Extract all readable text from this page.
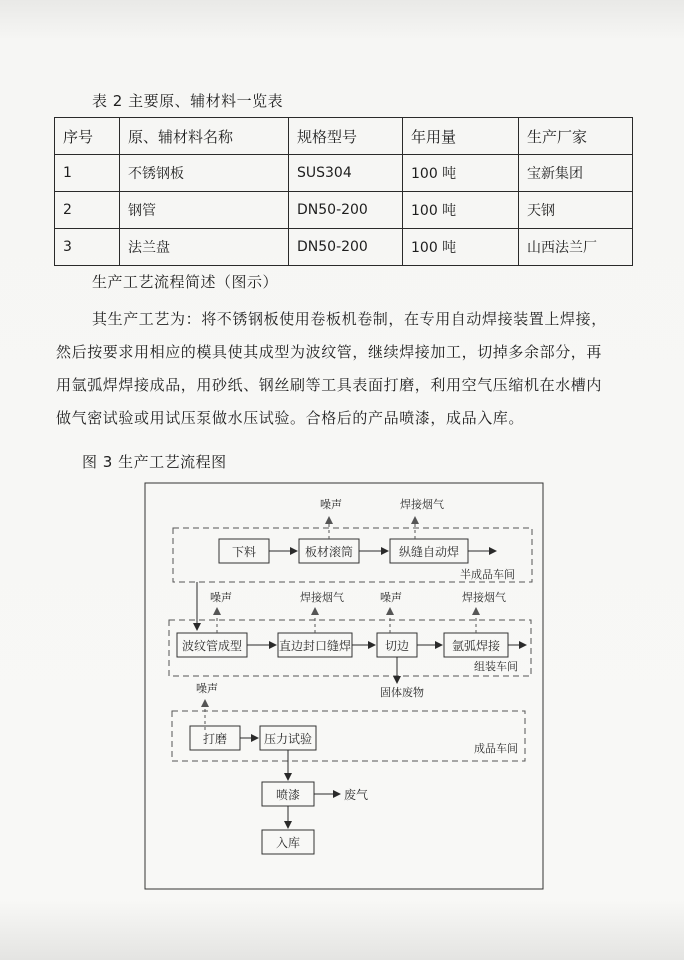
表 2 主要原、辅材料一览表
序号	原、辅材料名称	规格型号	年用量	生产厂家
1	不锈钢板	SUS304	100 吨	宝新集团
2	钢管	DN50-200	100 吨	天钢
3	法兰盘	DN50-200	100 吨	山西法兰厂
生产工艺流程简述（图示）
其生产工艺为：将不锈钢板使用卷板机卷制，在专用自动焊接装置上焊接，
然后按要求用相应的模具使其成型为波纹管，继续焊接加工，切掉多余部分，再
用氩弧焊焊接成品，用砂纸、钢丝刷等工具表面打磨，利用空气压缩机在水槽内
做气密试验或用试压泵做水压试验。合格后的产品喷漆，成品入库。
图 3 生产工艺流程图
半成品车间
组装车间
成品车间
下料	板材滚筒	纵缝自动焊
噪声	焊接烟气
波纹管成型	直边封口缝焊	切边	氩弧焊接
噪声	焊接烟气	噪声	焊接烟气
固体废物
噪声
打磨	压力试验
喷漆	废气
入库
